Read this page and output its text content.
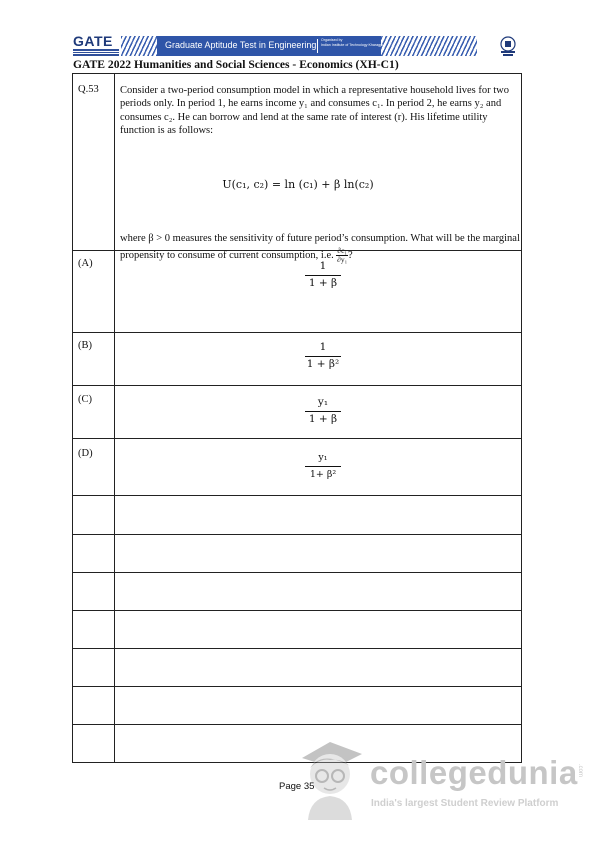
GATE	Graduate Aptitude Test in Engineering Organised by
Indian Institute of Technology Kharagpur
GATE 2022 Humanities and Social Sciences - Economics (XH-C1)
Q.53 Consider a two-period consumption model in which a representative household lives for two periods only. In period 1, he earns income y₁ and consumes c₁. In period 2, he earns y₂ and consumes c₂. He can borrow and lend at the same rate of interest (r). His lifetime utility function is as follows:

U(c₁, c₂) = ln (c₁) + β ln(c₂)
where β > 0 measures the sensitivity of future period’s consumption. What will be the marginal propensity to consume of current consumption, i.e. $\frac{\text{∂c₁}}{\text{∂y₁}}$ ?
(A)	1
1 + β
(B)	1
1 + β²
(C)	y₁
1 + β
(D)	y₁
1+ β²
Page 35 collegedunia .com
India's largest Student Review Platform
